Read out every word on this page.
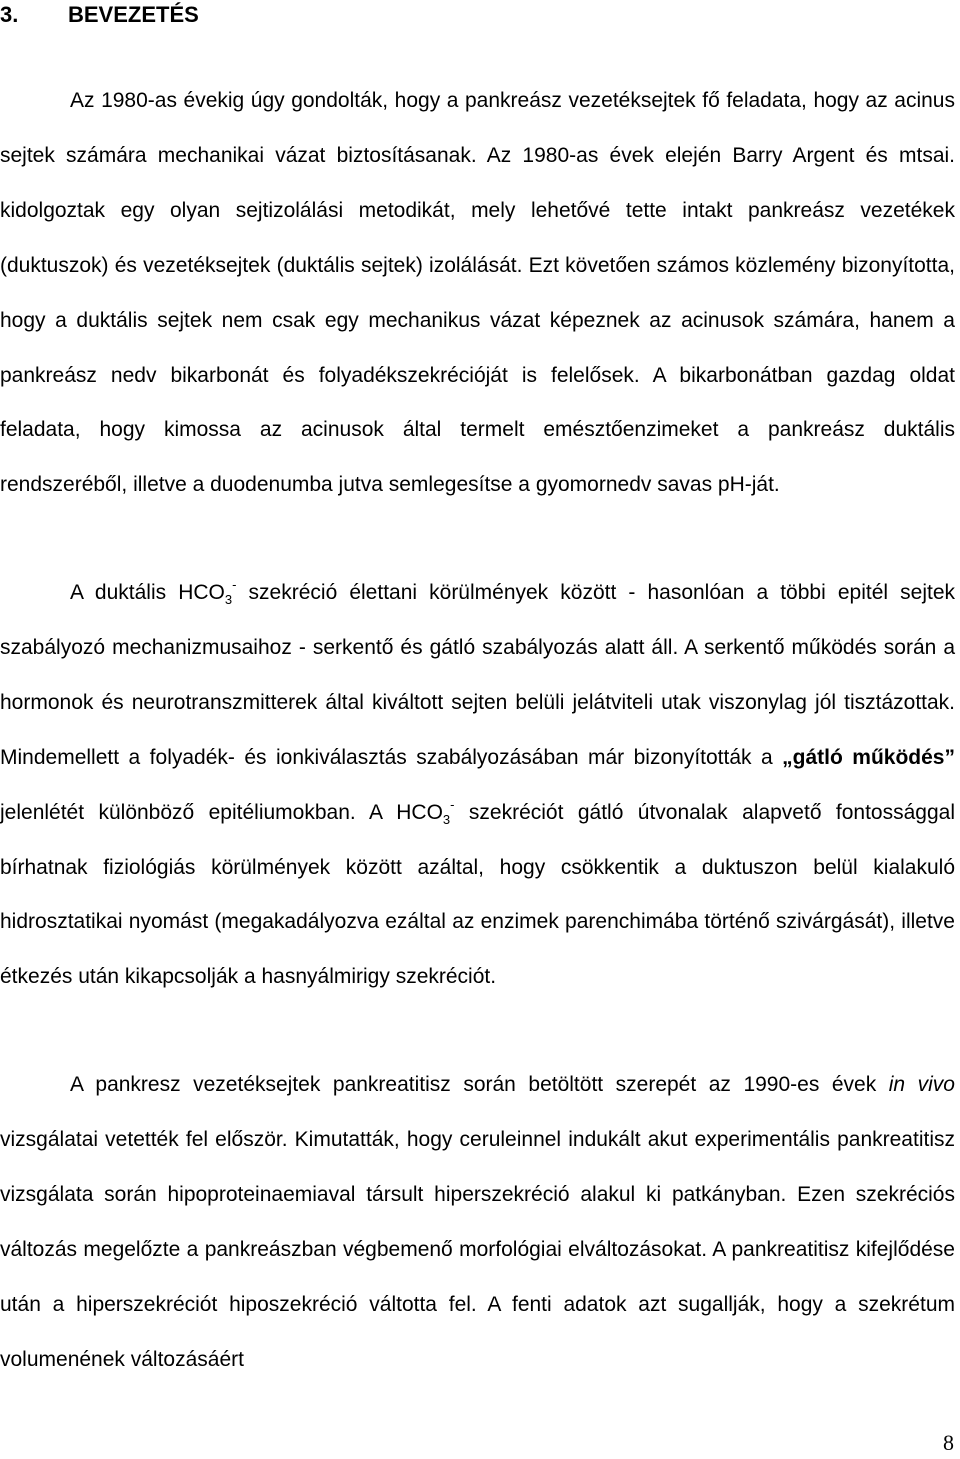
3. BEVEZETÉS

Az 1980-as évekig úgy gondolták, hogy a pankreász vezetéksejtek fő feladata, hogy az acinus sejtek számára mechanikai vázat biztosításanak. Az 1980-as évek elején Barry Argent és mtsai. kidolgoztak egy olyan sejtizolálási metodikát, mely lehetővé tette intakt pankreász vezetékek (duktuszok) és vezetéksejtek (duktális sejtek) izolálását. Ezt követően számos közlemény bizonyította, hogy a duktális sejtek nem csak egy mechanikus vázat képeznek az acinusok számára, hanem a pankreász nedv bikarbonát és folyadékszekrécióját is felelősek. A bikarbonátban gazdag oldat feladata, hogy kimossa az acinusok által termelt emésztőenzimeket a pankreász duktális rendszeréből, illetve a duodenumba jutva semlegesítse a gyomornedv savas pH-ját.

A duktális $HCO_3^-$ szekréció élettani körülmények között - hasonlóan a többi epitél sejtek szabályozó mechanizmusaihoz - serkentő és gátló szabályozás alatt áll. A serkentő működés során a hormonok és neurotranszmitterek által kiváltott sejten belüli jelátviteli utak viszonylag jól tisztázottak. Mindemellett a folyadék- és ionkiválasztás szabályozásában már bizonyították a „gátló működés” jelenlétét különböző epitéliumokban. A $HCO_3^-$ szekréciót gátló útvonalak alapvető fontossággal bírhatnak fiziológiás körülmények között azáltal, hogy csökkentik a duktuszon belül kialakuló hidrosztatikai nyomást (megakadályozva ezáltal az enzimek parenchimába történő szivárgását), illetve étkezés után kikapcsolják a hasnyálmirigy szekréciót.

A pankresz vezetéksejtek pankreatitisz során betöltött szerepét az 1990-es évek in vivo vizsgálatai vetették fel először. Kimutatták, hogy ceruleinnel indukált akut experimentális pankreatitisz vizsgálata során hipoproteinaemiaval társult hiperszekréció alakul ki patkányban. Ezen szekréciós változás megelőzte a pankreászban végbemenő morfológiai elváltozásokat. A pankreatitisz kifejlődése után a hiperszekréciót hiposzekréció váltotta fel. A fenti adatok azt sugallják, hogy a szekrétum volumenének változásáért

8
